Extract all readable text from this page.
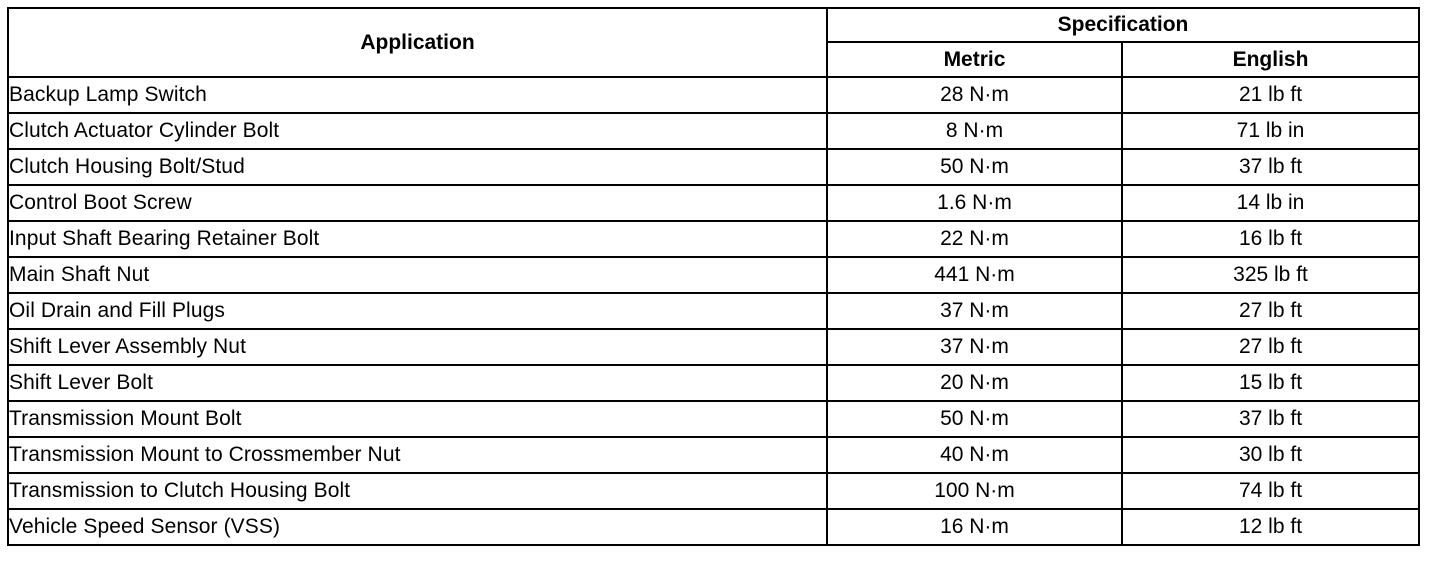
Application	Specification	
	Metric	English
Backup Lamp Switch	28 N·m	21 lb ft
Clutch Actuator Cylinder Bolt	8 N·m	71 lb in
Clutch Housing Bolt/Stud	50 N·m	37 lb ft
Control Boot Screw	1.6 N·m	14 lb in
Input Shaft Bearing Retainer Bolt	22 N·m	16 lb ft
Main Shaft Nut	441 N·m	325 lb ft
Oil Drain and Fill Plugs	37 N·m	27 lb ft
Shift Lever Assembly Nut	37 N·m	27 lb ft
Shift Lever Bolt	20 N·m	15 lb ft
Transmission Mount Bolt	50 N·m	37 lb ft
Transmission Mount to Crossmember Nut	40 N·m	30 lb ft
Transmission to Clutch Housing Bolt	100 N·m	74 lb ft
Vehicle Speed Sensor (VSS)	16 N·m	12 lb ft
